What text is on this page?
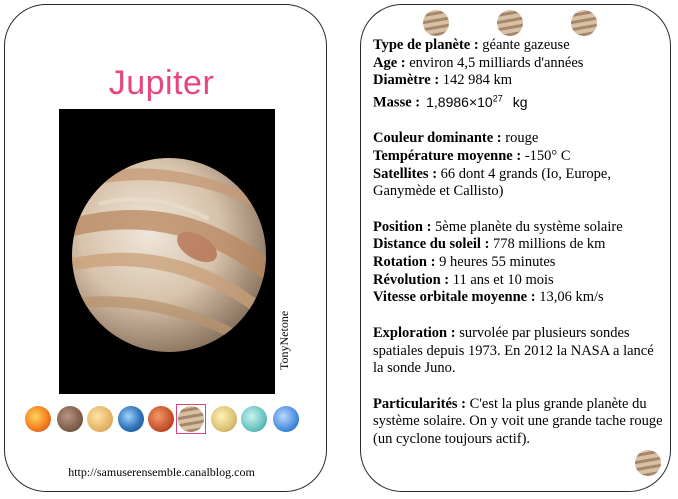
Jupiter
TonyNetone
http://samuserensemble.canalblog.com
Type de planète : géante gazeuse
Age : environ 4,5 milliards d'années
Diamètre : 142 984 km
Masse : $1,8986\times 10^{27}$ kg
Couleur dominante : rouge
Température moyenne : -150° C
Satellites : 66 dont 4 grands (Io, Europe, Ganymède et Callisto)
Position : 5ème planète du système solaire
Distance du soleil : 778 millions de km
Rotation : 9 heures 55 minutes
Révolution : 11 ans et 10 mois
Vitesse orbitale moyenne : 13,06 km/s
Exploration : survolée par plusieurs sondes spatiales depuis 1973. En 2012 la NASA a lancé la sonde Juno.
Particularités : C'est la plus grande planète du système solaire. On y voit une grande tache rouge (un cyclone toujours actif).
